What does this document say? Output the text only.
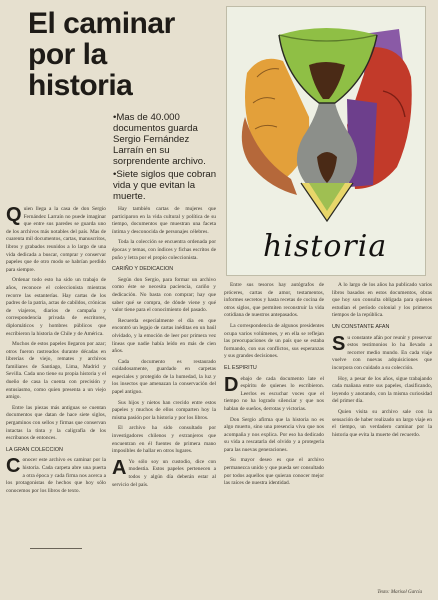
El caminar
por la
historia

•Mas de 40.000 documentos guarda Sergio Fernández Larraín en su sorprendente archivo.

•Siete siglos que cobran vida y que evitan la muerte.

historia

Quien llega a la casa de don Sergio Fernández Larraín no puede imaginar que entre sus paredes se guarda uno de los archivos más notables del país. Mas de cuarenta mil documentos, cartas, manuscritos, libros y grabados reunidos a lo largo de una vida dedicada a buscar, comprar y conservar papeles que de otro modo se habrían perdido para siempre.

Ordenar todo esto ha sido un trabajo de años, reconoce el coleccionista mientras recorre las estanterías. Hay cartas de los padres de la patria, actas de cabildos, crónicas de viajeros, diarios de campaña y correspondencia privada de escritores, diplomáticos y hombres públicos que escribieron la historia de Chile y de América.

Muchos de estos papeles llegaron por azar; otros fueron rastreados durante décadas en librerías de viejo, remates y archivos familiares de Santiago, Lima, Madrid y Sevilla. Cada uno tiene su propia historia y el dueño de casa la cuenta con precisión y entusiasmo, como quien presenta a un viejo amigo.

Entre las piezas más antiguas se cuentan documentos que datan de hace siete siglos, pergaminos con sellos y firmas que conservan intactas la tinta y la caligrafía de los escribanos de entonces.

LA GRAN COLECCION

Conocer este archivo es caminar por la historia. Cada carpeta abre una puerta a otra época y cada firma nos acerca a los protagonistas de hechos que hoy sólo conocemos por los libros de texto.

Hay también cartas de mujeres que participaron en la vida cultural y política de su tiempo, documentos que muestran una faceta íntima y desconocida de personajes célebres.

Toda la colección se encuentra ordenada por épocas y temas, con índices y fichas escritos de puño y letra por el propio coleccionista.

CARIÑO Y DEDICACION

Según don Sergio, para formar un archivo como éste se necesita paciencia, cariño y dedicación. No basta con comprar; hay que saber qué se compra, de dónde viene y qué valor tiene para el conocimiento del pasado.

Recuerda especialmente el día en que encontró un legajo de cartas inéditas en un baúl olvidado, y la emoción de leer por primera vez líneas que nadie había leído en más de cien años.

Cada documento es restaurado cuidadosamente, guardado en carpetas especiales y protegido de la humedad, la luz y los insectos que amenazan la conservación del papel antiguo.

Sus hijos y nietos han crecido entre estos papeles y muchos de ellos comparten hoy la misma pasión por la historia y por los libros.

El archivo ha sido consultado por investigadores chilenos y extranjeros que encuentran en él fuentes de primera mano imposibles de hallar en otros lugares.

A Yo sólo soy un custodio, dice con modestia. Estos papeles pertenecen a todos y algún día deberán estar al servicio del país.

Entre sus tesoros hay autógrafos de próceres, cartas de amor, testamentos, informes secretos y hasta recetas de cocina de otros siglos, que permiten reconstruir la vida cotidiana de nuestros antepasados.

La correspondencia de algunos presidentes ocupa varios volúmenes, y en ella se reflejan las preocupaciones de un país que se estaba formando, con sus conflictos, sus esperanzas y sus grandes decisiones.

EL ESPIRITU

Debajo de cada documento late el espíritu de quienes lo escribieron. Leerlos es escuchar voces que el tiempo no ha logrado silenciar y que nos hablan de sueños, derrotas y victorias.

Don Sergio afirma que la historia no es algo muerto, sino una presencia viva que nos acompaña y nos explica. Por eso ha dedicado su vida a rescatarla del olvido y a protegerla para las nuevas generaciones.

Su mayor deseo es que el archivo permanezca unido y que pueda ser consultado por todos aquellos que quieran conocer mejor las raíces de nuestra identidad.

A lo largo de los años ha publicado varios libros basados en estos documentos, obras que hoy son consulta obligada para quienes estudian el período colonial y los primeros tiempos de la república.

UN CONSTANTE AFAN

Su constante afán por reunir y preservar estos testimonios lo ha llevado a recorrer medio mundo. En cada viaje vuelve con nuevas adquisiciones que incorpora con cuidado a su colección.

Hoy, a pesar de los años, sigue trabajando cada mañana entre sus papeles, clasificando, leyendo y anotando, con la misma curiosidad del primer día.

Quien visita su archivo sale con la sensación de haber realizado un largo viaje en el tiempo, un verdadero caminar por la historia que evita la muerte del recuerdo.

Texto: Marisol García
